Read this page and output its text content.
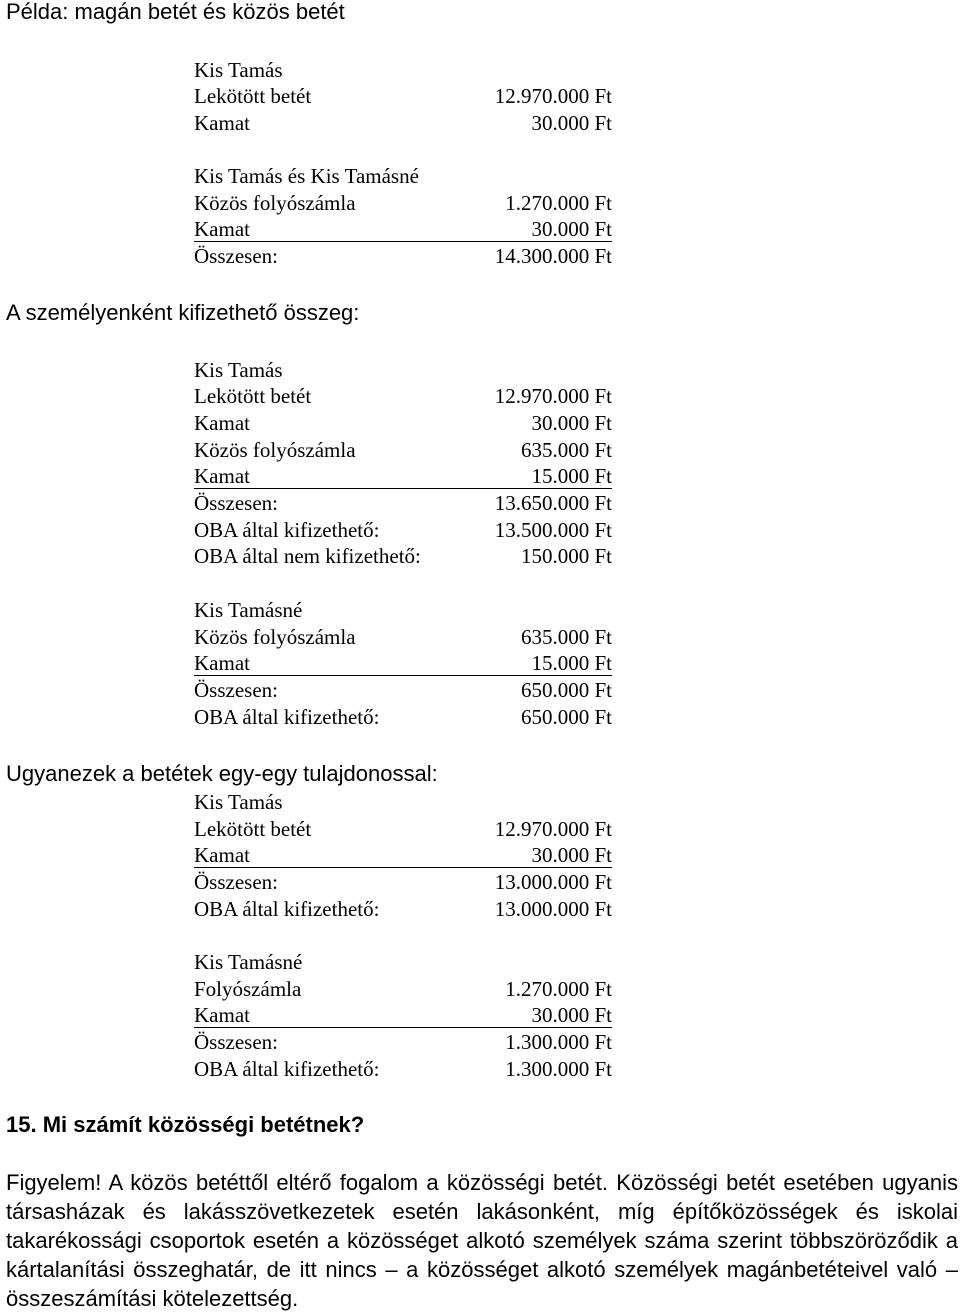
Példa: magán betét és közös betét
Kis Tamás
Lekötött betét	12.970.000 Ft
Kamat	30.000 Ft
Kis Tamás és Kis Tamásné
Közös folyószámla	1.270.000 Ft
Kamat	30.000 Ft
Összesen:	14.300.000 Ft
A személyenként kifizethető összeg:
Kis Tamás
Lekötött betét	12.970.000 Ft
Kamat	30.000 Ft
Közös folyószámla	635.000 Ft
Kamat	15.000 Ft
Összesen:	13.650.000 Ft
OBA által kifizethető:	13.500.000 Ft
OBA által nem kifizethető:	150.000 Ft
Kis Tamásné
Közös folyószámla	635.000 Ft
Kamat	15.000 Ft
Összesen:	650.000 Ft
OBA által kifizethető:	650.000 Ft
Ugyanezek a betétek egy-egy tulajdonossal:
Kis Tamás
Lekötött betét	12.970.000 Ft
Kamat	30.000 Ft
Összesen:	13.000.000 Ft
OBA által kifizethető:	13.000.000 Ft
Kis Tamásné
Folyószámla	1.270.000 Ft
Kamat	30.000 Ft
Összesen:	1.300.000 Ft
OBA által kifizethető:	1.300.000 Ft
15. Mi számít közösségi betétnek?

Figyelem! A közös betéttől eltérő fogalom a közösségi betét. Közösségi betét esetében ugyanis társasházak és lakásszövetkezetek esetén lakásonként, míg építőközösségek és iskolai takarékossági csoportok esetén a közösséget alkotó személyek száma szerint többszöröződik a kártalanítási összeghatár, de itt nincs – a közösséget alkotó személyek magánbetéteivel való – összeszámítási kötelezettség.
